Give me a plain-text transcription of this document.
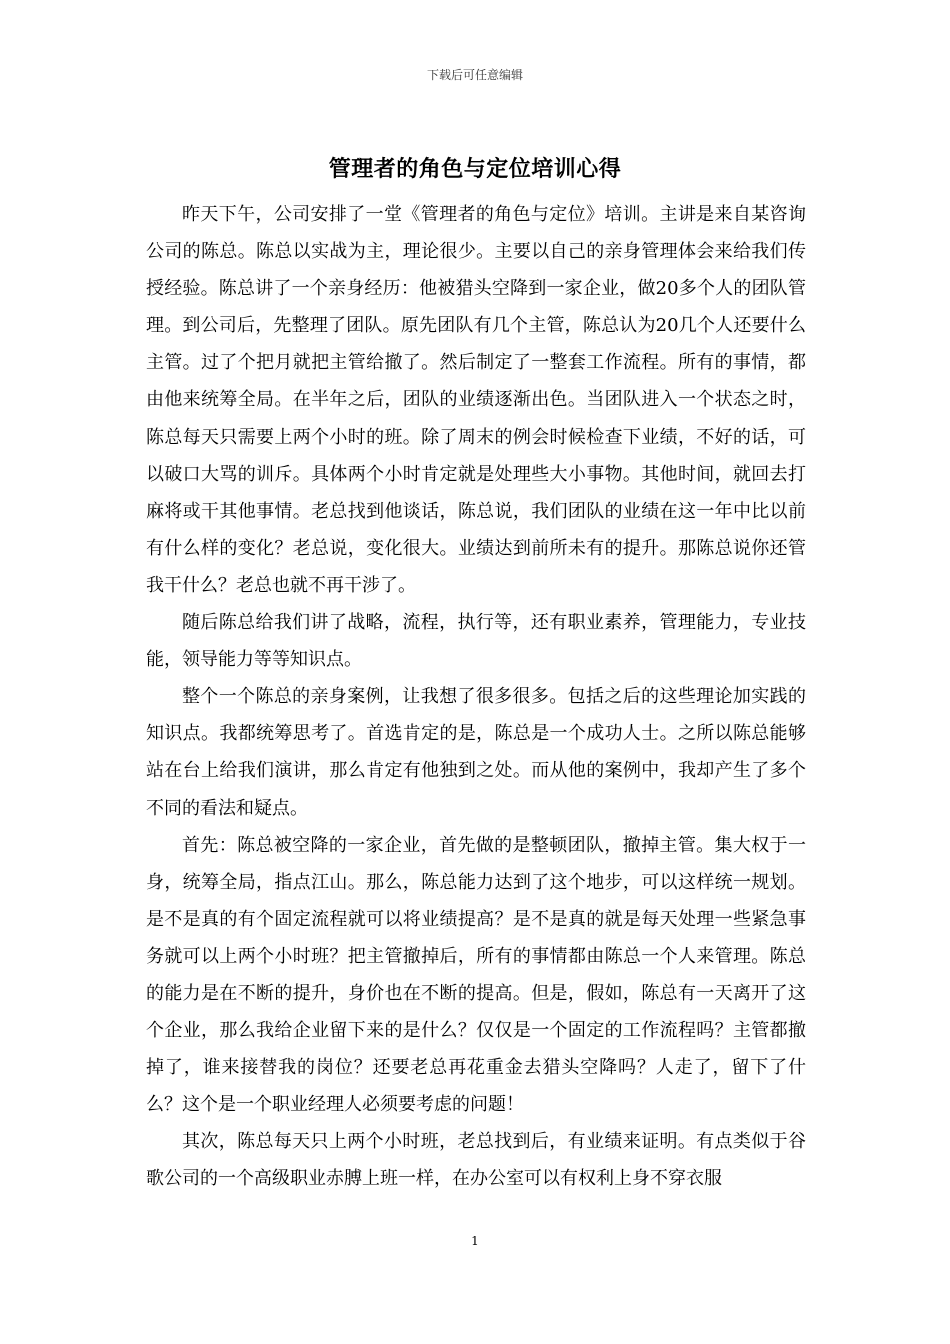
下载后可任意编辑
管理者的角色与定位培训心得

昨天下午，公司安排了一堂《管理者的角色与定位》培训。主讲是来自某咨询公司的陈总。陈总以实战为主，理论很少。主要以自己的亲身管理体会来给我们传授经验。陈总讲了一个亲身经历：他被猎头空降到一家企业，做20多个人的团队管理。到公司后，先整理了团队。原先团队有几个主管，陈总认为20几个人还要什么主管。过了个把月就把主管给撤了。然后制定了一整套工作流程。所有的事情，都由他来统筹全局。在半年之后，团队的业绩逐渐出色。当团队进入一个状态之时，陈总每天只需要上两个小时的班。除了周末的例会时候检查下业绩，不好的话，可以破口大骂的训斥。具体两个小时肯定就是处理些大小事物。其他时间，就回去打麻将或干其他事情。老总找到他谈话，陈总说，我们团队的业绩在这一年中比以前有什么样的变化？老总说，变化很大。业绩达到前所未有的提升。那陈总说你还管我干什么？老总也就不再干涉了。

随后陈总给我们讲了战略，流程，执行等，还有职业素养，管理能力，专业技能，领导能力等等知识点。

整个一个陈总的亲身案例，让我想了很多很多。包括之后的这些理论加实践的知识点。我都统筹思考了。首选肯定的是，陈总是一个成功人士。之所以陈总能够站在台上给我们演讲，那么肯定有他独到之处。而从他的案例中，我却产生了多个不同的看法和疑点。

首先：陈总被空降的一家企业，首先做的是整顿团队，撤掉主管。集大权于一身，统筹全局，指点江山。那么，陈总能力达到了这个地步，可以这样统一规划。是不是真的有个固定流程就可以将业绩提高？是不是真的就是每天处理一些紧急事务就可以上两个小时班？把主管撤掉后，所有的事情都由陈总一个人来管理。陈总的能力是在不断的提升，身价也在不断的提高。但是，假如，陈总有一天离开了这个企业，那么我给企业留下来的是什么？仅仅是一个固定的工作流程吗？主管都撤掉了，谁来接替我的岗位？还要老总再花重金去猎头空降吗？人走了，留下了什么？这个是一个职业经理人必须要考虑的问题！

其次，陈总每天只上两个小时班，老总找到后，有业绩来证明。有点类似于谷歌公司的一个高级职业赤膊上班一样，在办公室可以有权利上身不穿衣服

1
